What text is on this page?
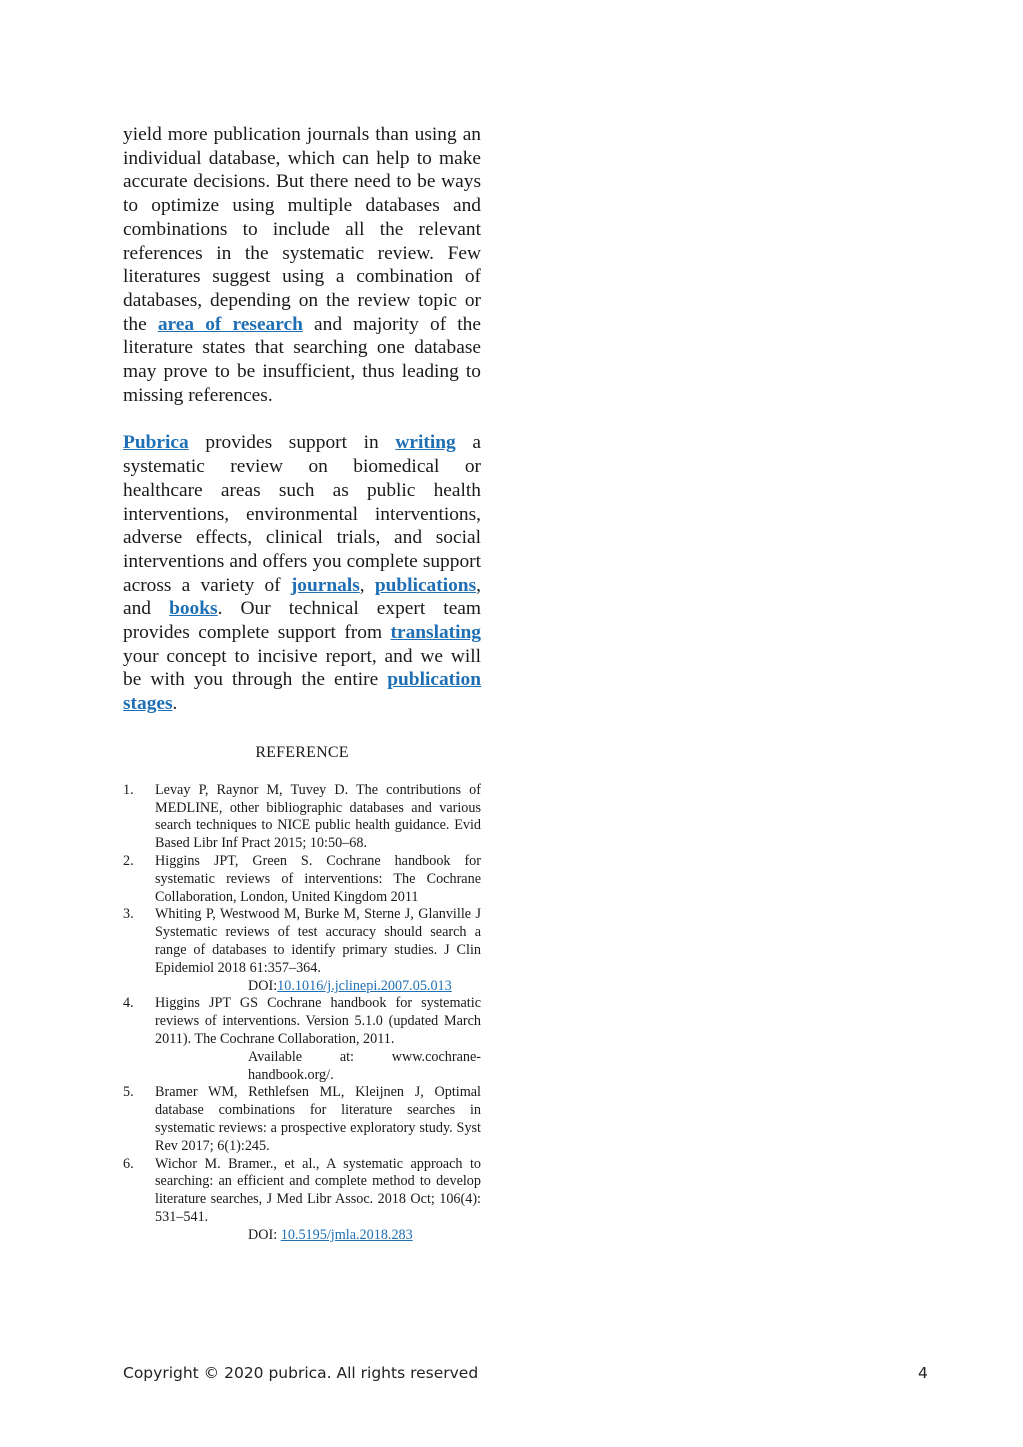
yield more publication journals than using an individual database, which can help to make accurate decisions. But there need to be ways to optimize using multiple databases and combinations to include all the relevant references in the systematic review. Few literatures suggest using a combination of databases, depending on the review topic or the area of research and majority of the literature states that searching one database may prove to be insufficient, thus leading to missing references.

Pubrica provides support in writing a systematic review on biomedical or healthcare areas such as public health interventions, environmental interventions, adverse effects, clinical trials, and social interventions and offers you complete support across a variety of journals, publications, and books. Our technical expert team provides complete support from translating your concept to incisive report, and we will be with you through the entire publication stages.

REFERENCE
1. Levay P, Raynor M, Tuvey D. The contributions of MEDLINE, other bibliographic databases and various search techniques to NICE public health guidance. Evid Based Libr Inf Pract 2015; 10:50–68.
2. Higgins JPT, Green S. Cochrane handbook for systematic reviews of interventions: The Cochrane Collaboration, London, United Kingdom 2011
3. Whiting P, Westwood M, Burke M, Sterne J, Glanville J Systematic reviews of test accuracy should search a range of databases to identify primary studies. J Clin Epidemiol 2018 61:357–364.
DOI:10.1016/j.jclinepi.2007.05.013
4. Higgins JPT GS Cochrane handbook for systematic reviews of interventions. Version 5.1.0 (updated March 2011). The Cochrane Collaboration, 2011.
Available at: www.cochrane-
handbook.org/.
5. Bramer WM, Rethlefsen ML, Kleijnen J, Optimal database combinations for literature searches in systematic reviews: a prospective exploratory study. Syst Rev 2017; 6(1):245.
6. Wichor M. Bramer., et al., A systematic approach to searching: an efficient and complete method to develop literature searches, J Med Libr Assoc. 2018 Oct; 106(4): 531–541.
DOI: 10.5195/jmla.2018.283
Copyright © 2020 pubrica. All rights reserved	4
